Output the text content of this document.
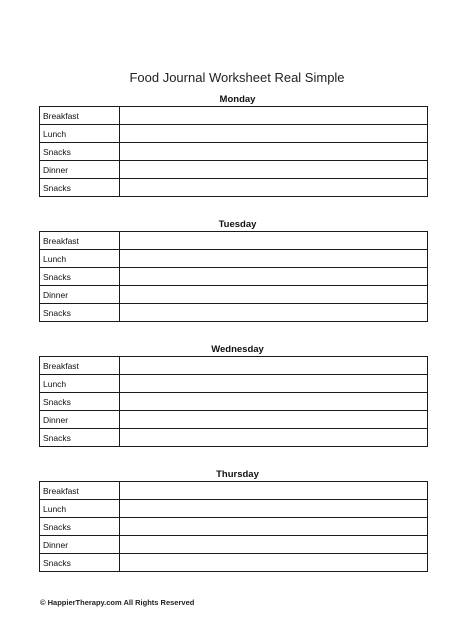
Food Journal Worksheet Real Simple
Monday
Breakfast	
Lunch	
Snacks	
Dinner	
Snacks	
Tuesday
Breakfast	
Lunch	
Snacks	
Dinner	
Snacks	
Wednesday
Breakfast	
Lunch	
Snacks	
Dinner	
Snacks	
Thursday
Breakfast	
Lunch	
Snacks	
Dinner	
Snacks	
© HappierTherapy.com All Rights Reserved
